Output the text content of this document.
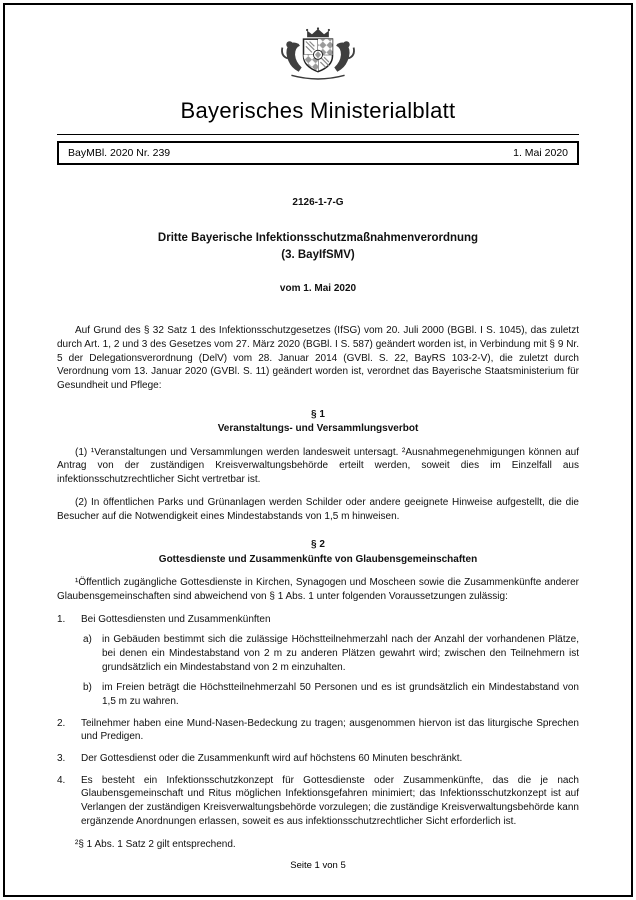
Bayerisches Ministerialblatt
BayMBl. 2020 Nr. 239	1. Mai 2020
2126-1-7-G
Dritte Bayerische Infektionsschutzmaßnahmenverordnung
(3. BayIfSMV)
vom 1. Mai 2020

Auf Grund des § 32 Satz 1 des Infektionsschutzgesetzes (IfSG) vom 20. Juli 2000 (BGBl. I S. 1045), das zuletzt durch Art. 1, 2 und 3 des Gesetzes vom 27. März 2020 (BGBl. I S. 587) geändert worden ist, in Verbindung mit § 9 Nr. 5 der Delegationsverordnung (DelV) vom 28. Januar 2014 (GVBl. S. 22, BayRS 103-2-V), die zuletzt durch Verordnung vom 13. Januar 2020 (GVBl. S. 11) geändert worden ist, verordnet das Bayerische Staatsministerium für Gesundheit und Pflege:

§ 1
Veranstaltungs- und Versammlungsverbot

(1) ¹Veranstaltungen und Versammlungen werden landesweit untersagt. ²Ausnahmegenehmigungen können auf Antrag von der zuständigen Kreisverwaltungsbehörde erteilt werden, soweit dies im Einzelfall aus infektionsschutzrechtlicher Sicht vertretbar ist.

(2) In öffentlichen Parks und Grünanlagen werden Schilder oder andere geeignete Hinweise aufgestellt, die die Besucher auf die Notwendigkeit eines Mindestabstands von 1,5 m hinweisen.

§ 2
Gottesdienste und Zusammenkünfte von Glaubensgemeinschaften

¹Öffentlich zugängliche Gottesdienste in Kirchen, Synagogen und Moscheen sowie die Zusammenkünfte anderer Glaubensgemeinschaften sind abweichend von § 1 Abs. 1 unter folgenden Voraussetzungen zulässig:

1.	Bei Gottesdiensten und Zusammenkünften
a)	in Gebäuden bestimmt sich die zulässige Höchstteilnehmerzahl nach der Anzahl der vorhandenen Plätze, bei denen ein Mindestabstand von 2 m zu anderen Plätzen gewahrt wird; zwischen den Teilnehmern ist grundsätzlich ein Mindestabstand von 2 m einzuhalten.
b)	im Freien beträgt die Höchstteilnehmerzahl 50 Personen und es ist grundsätzlich ein Mindestabstand von 1,5 m zu wahren.
2.	Teilnehmer haben eine Mund-Nasen-Bedeckung zu tragen; ausgenommen hiervon ist das liturgische Sprechen und Predigen.
3.	Der Gottesdienst oder die Zusammenkunft wird auf höchstens 60 Minuten beschränkt.
4.	Es besteht ein Infektionsschutzkonzept für Gottesdienste oder Zusammenkünfte, das die je nach Glaubensgemeinschaft und Ritus möglichen Infektionsgefahren minimiert; das Infektionsschutzkonzept ist auf Verlangen der zuständigen Kreisverwaltungsbehörde vorzulegen; die zuständige Kreisverwaltungsbehörde kann ergänzende Anordnungen erlassen, soweit es aus infektionsschutzrechtlicher Sicht erforderlich ist.

²§ 1 Abs. 1 Satz 2 gilt entsprechend.

Seite 1 von 5
